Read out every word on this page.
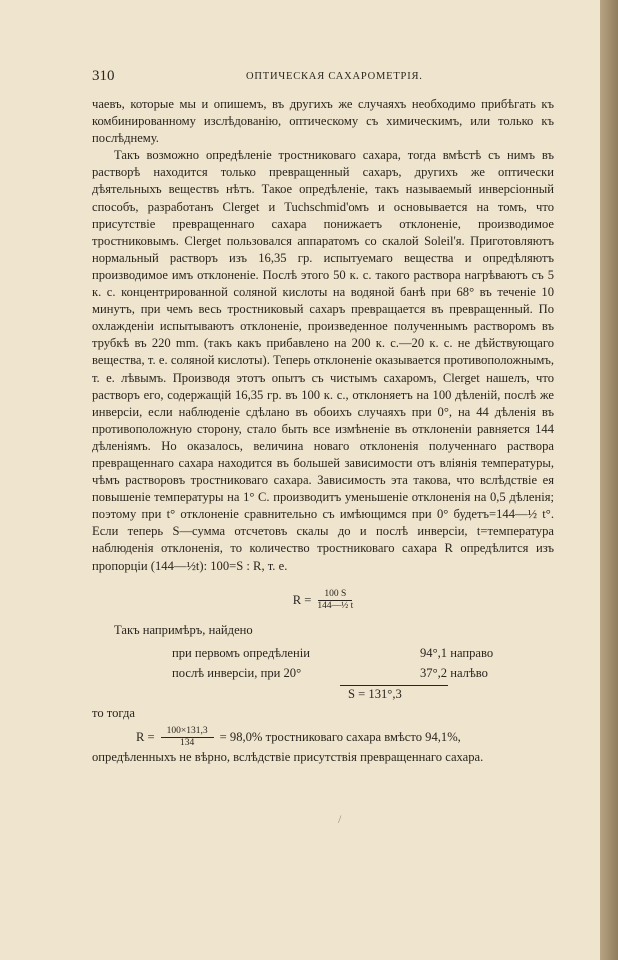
310	ОПТИЧЕСКАЯ САХАРОМЕТРІЯ.

чаевъ, которые мы и опишемъ, въ другихъ же случаяхъ необходимо прибѣгать къ комбинированному изслѣдованію, оптическому съ химическимъ, или только къ послѣднему.

Такъ возможно опредѣленіе тростниковаго сахара, тогда вмѣстѣ съ нимъ въ растворѣ находится только превращенный сахаръ, другихъ же оптически дѣятельныхъ веществъ нѣтъ. Такое опредѣленіе, такъ называемый инверсіонный способъ, разработанъ Clerget и Tuchschmid'омъ и основывается на томъ, что присутствіе превращеннаго сахара понижаетъ отклоненіе, производимое тростниковымъ. Clerget пользовался аппаратомъ со скалой Soleil'я. Приготовляютъ нормальный растворъ изъ 16,35 гр. испытуемаго вещества и опредѣляютъ производимое имъ отклоненіе. Послѣ этого 50 к. с. такого раствора нагрѣваютъ съ 5 к. с. концентрированной соляной кислоты на водяной банѣ при 68° въ теченіе 10 минутъ, при чемъ весь тростниковый сахаръ превращается въ превращенный. По охлажденіи испытываютъ отклоненіе, произведенное полученнымъ растворомъ въ трубкѣ въ 220 mm. (такъ какъ прибавлено на 200 к. с.—20 к. с. не дѣйствующаго вещества, т. е. соляной кислоты). Теперь отклоненіе оказывается противоположнымъ, т. е. лѣвымъ. Производя этотъ опытъ съ чистымъ сахаромъ, Clerget нашелъ, что растворъ его, содержащій 16,35 гр. въ 100 к. с., отклоняетъ на 100 дѣленій, послѣ же инверсіи, если наблюденіе сдѣлано въ обоихъ случаяхъ при 0°, на 44 дѣленія въ противоположную сторону, стало быть все измѣненіе въ отклоненіи равняется 144 дѣленіямъ. Но оказалось, величина новаго отклоненія полученнаго раствора превращеннаго сахара находится въ большей зависимости отъ вліянія температуры, чѣмъ растворовъ тростниковаго сахара. Зависимость эта такова, что вслѣдствіе ея повышеніе температуры на 1° С. производитъ уменьшеніе отклоненія на 0,5 дѣленія; поэтому при t° отклоненіе сравнительно съ имѣющимся при 0° будетъ=144—½ t°. Если теперь S—сумма отсчетовъ скалы до и послѣ инверсіи, t=температура наблюденія отклоненія, то количество тростниковаго сахара R опредѣлится изъ пропорціи (144—½t): 100=S : R, т. е.

$R = \frac{100 S}{\text{144—½ t}}$

Такъ напримѣръ, найдено

при первомъ опредѣленіи	94°,1 направо
послѣ инверсіи, при 20°	37°,2 налѣво
S = 131°,3

то тогда

$R = \frac{100\times 131,3}{134} = 98,0\%$ тростниковаго сахара вмѣсто 94,1%,

опредѣленныхъ не вѣрно, вслѣдствіе присутствія превращеннаго сахара.

/
